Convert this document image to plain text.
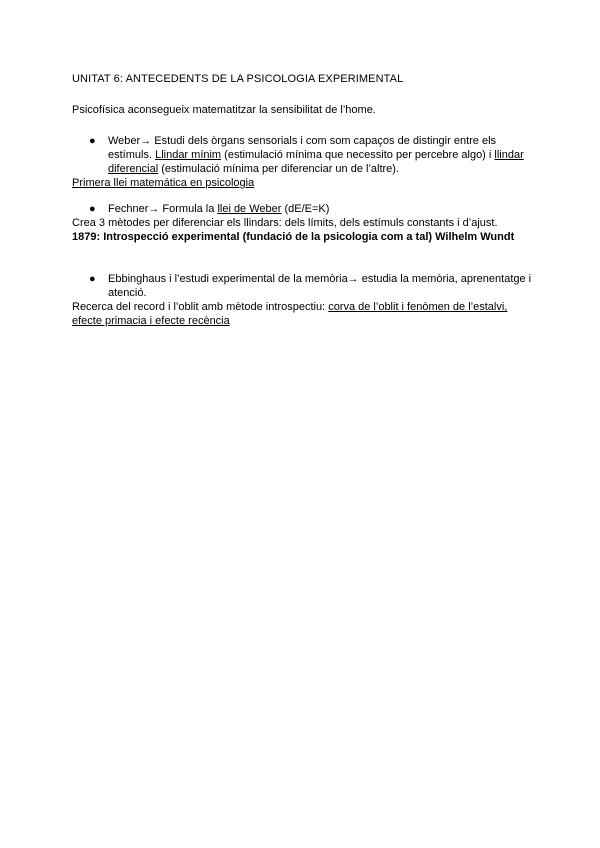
UNITAT 6: ANTECEDENTS DE LA PSICOLOGIA EXPERIMENTAL

Psicofísica aconsegueix matematitzar la sensibilitat de l’home.

● Weber→ Estudi dels òrgans sensorials i com som capaços de distingir entre els estímuls. Llindar mínim (estimulació mínima que necessito per percebre algo) i llindar diferencial (estimulació mínima per diferenciar un de l’altre).

Primera llei matemática en psicologia

● Fechner→ Formula la llei de Weber (dE/E=K)

Crea 3 mètodes per diferenciar els llindars: dels límits, dels estímuls constants i d’ajust.

1879: Introspecció experimental (fundació de la psicologia com a tal) Wilhelm Wundt

● Ebbinghaus i l’estudi experimental de la memòria→ estudia la memòria, aprenentatge i atenció.

Recerca del record i l’oblit amb mètode introspectiu: corva de l’oblit i fenòmen de l’estalvi, efecte primacia i efecte recència
